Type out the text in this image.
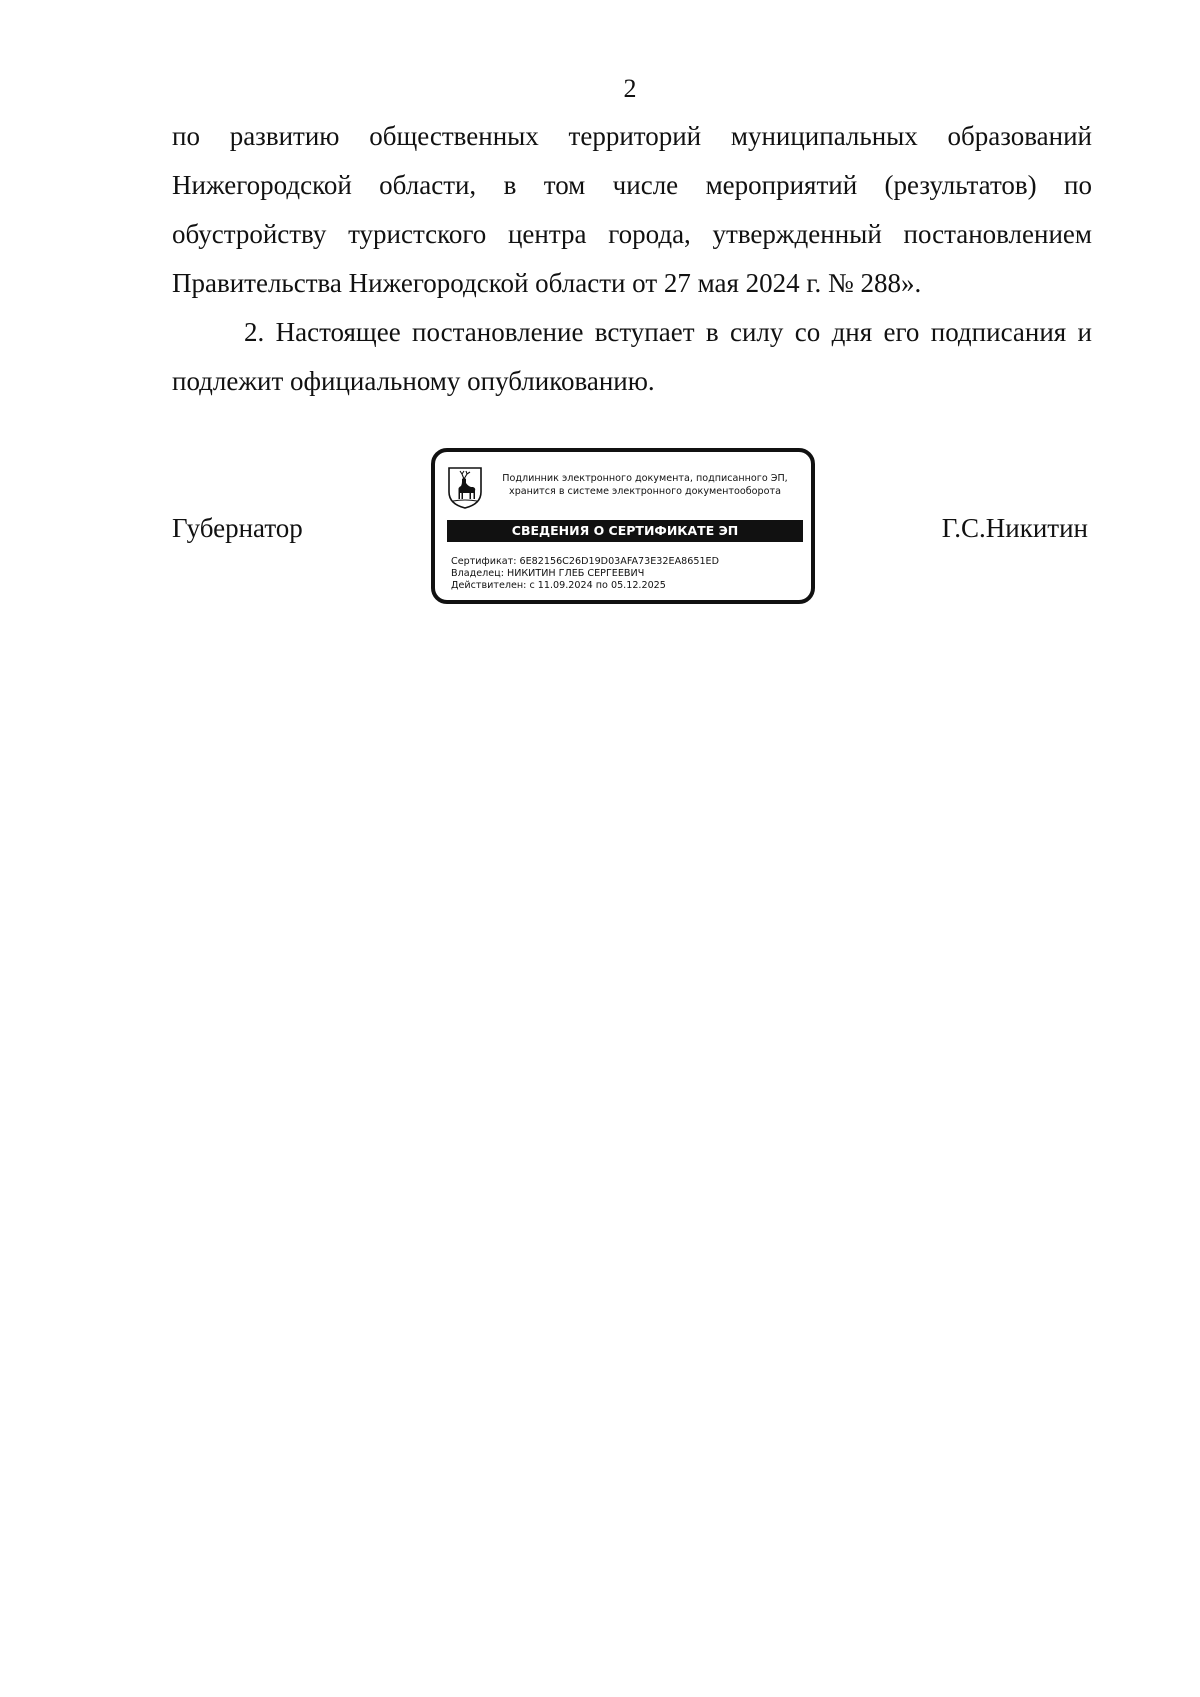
2

по развитию общественных территорий муниципальных образований Нижегородской области, в том числе мероприятий (результатов) по обустройству туристского центра города, утвержденный постановлением Правительства Нижегородской области от 27 мая 2024 г. № 288».

2. Настоящее постановление вступает в силу со дня его подписания и подлежит официальному опубликованию.

Губернатор	Г.С.Никитин
Подлинник электронного документа, подписанного ЭП,
хранится в системе электронного документооборота
СВЕДЕНИЯ О СЕРТИФИКАТЕ ЭП
Сертификат: 6E82156C26D19D03AFA73E32EA8651ED
Владелец: НИКИТИН ГЛЕБ СЕРГЕЕВИЧ
Действителен: с 11.09.2024 по 05.12.2025
